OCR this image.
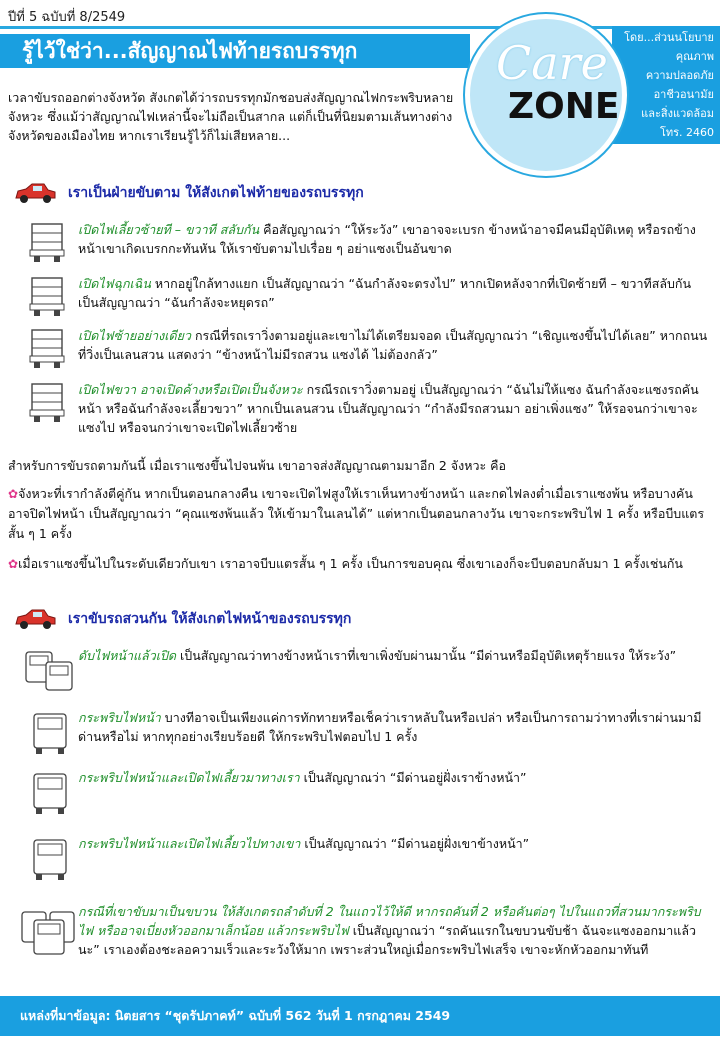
ปีที่ 5 ฉบับที่ 8/2549
รู้ไว้ใช่ว่า...สัญญาณไฟท้ายรถบรรทุก
โดย...ส่วนนโยบาย
คุณภาพ
ความปลอดภัย
อาชีวอนามัย
และสิ่งแวดล้อม
โทร. 2460
Care
ZONE
เวลาขับรถออกต่างจังหวัด สังเกตได้ว่ารถบรรทุกมักชอบส่งสัญญาณไฟกระพริบหลายจังหวะ ซึ่งแม้ว่าสัญญาณไฟเหล่านี้จะไม่ถือเป็นสากล แต่ก็เป็นที่นิยมตามเส้นทางต่างจังหวัดของเมืองไทย หากเราเรียนรู้ไว้ก็ไม่เสียหลาย...
เราเป็นฝ่ายขับตาม ให้สังเกตไฟท้ายของรถบรรทุก
เปิดไฟเลี้ยวซ้ายที – ขวาที สลับกัน คือสัญญาณว่า “ให้ระวัง” เขาอาจจะเบรก ข้างหน้าอาจมีคนมีอุบัติเหตุ หรือรถข้างหน้าเขาเกิดเบรกกะทันหัน ให้เราขับตามไปเรื่อย ๆ อย่าแซงเป็นอันขาด
เปิดไฟฉุกเฉิน หากอยู่ใกล้ทางแยก เป็นสัญญาณว่า “ฉันกำลังจะตรงไป” หากเปิดหลังจากที่เปิดซ้ายที – ขวาทีสลับกัน เป็นสัญญาณว่า “ฉันกำลังจะหยุดรถ”
เปิดไฟซ้ายอย่างเดียว กรณีที่รถเราวิ่งตามอยู่และเขาไม่ได้เตรียมจอด เป็นสัญญาณว่า “เชิญแซงขึ้นไปได้เลย” หากถนนที่วิ่งเป็นเลนสวน แสดงว่า “ข้างหน้าไม่มีรถสวน แซงได้ ไม่ต้องกลัว”
เปิดไฟขวา อาจเปิดค้างหรือเปิดเป็นจังหวะ กรณีรถเราวิ่งตามอยู่ เป็นสัญญาณว่า “ฉันไม่ให้แซง ฉันกำลังจะแซงรถคันหน้า หรือฉันกำลังจะเลี้ยวขวา” หากเป็นเลนสวน เป็นสัญญาณว่า “กำลังมีรถสวนมา อย่าเพิ่งแซง” ให้รอจนกว่าเขาจะแซงไป หรือจนกว่าเขาจะเปิดไฟเลี้ยวซ้าย
สำหรับการขับรถตามกันนี้ เมื่อเราแซงขึ้นไปจนพ้น เขาอาจส่งสัญญาณตามมาอีก 2 จังหวะ คือ
✿จังหวะที่เรากำลังตีคู่กัน หากเป็นตอนกลางคืน เขาจะเปิดไฟสูงให้เราเห็นทางข้างหน้า และกดไฟลงต่ำเมื่อเราแซงพ้น หรือบางคันอาจปิดไฟหน้า เป็นสัญญาณว่า “คุณแซงพ้นแล้ว ให้เข้ามาในเลนได้” แต่หากเป็นตอนกลางวัน เขาจะกระพริบไฟ 1 ครั้ง หรือบีบแตรสั้น ๆ 1 ครั้ง
✿เมื่อเราแซงขึ้นไปในระดับเดียวกับเขา เราอาจบีบแตรสั้น ๆ 1 ครั้ง เป็นการขอบคุณ ซึ่งเขาเองก็จะบีบตอบกลับมา 1 ครั้งเช่นกัน
เราขับรถสวนกัน ให้สังเกตไฟหน้าของรถบรรทุก
ดับไฟหน้าแล้วเปิด เป็นสัญญาณว่าทางข้างหน้าเราที่เขาเพิ่งขับผ่านมานั้น “มีด่านหรือมีอุบัติเหตุร้ายแรง ให้ระวัง”
กระพริบไฟหน้า บางทีอาจเป็นเพียงแค่การทักทายหรือเช็คว่าเราหลับในหรือเปล่า หรือเป็นการถามว่าทางที่เราผ่านมามีด่านหรือไม่ หากทุกอย่างเรียบร้อยดี ให้กระพริบไฟตอบไป 1 ครั้ง
กระพริบไฟหน้าและเปิดไฟเลี้ยวมาทางเรา เป็นสัญญาณว่า “มีด่านอยู่ฝั่งเราข้างหน้า”
กระพริบไฟหน้าและเปิดไฟเลี้ยวไปทางเขา เป็นสัญญาณว่า “มีด่านอยู่ฝั่งเขาข้างหน้า”
กรณีที่เขาขับมาเป็นขบวน ให้สังเกตรถลำดับที่ 2 ในแถวไว้ให้ดี หากรถคันที่ 2 หรือคันต่อๆ ไปในแถวที่สวนมากระพริบไฟ หรืออาจเบี่ยงหัวออกมาเล็กน้อย แล้วกระพริบไฟ เป็นสัญญาณว่า “รถคันแรกในขบวนขับช้า ฉันจะแซงออกมาแล้วนะ” เราเองต้องชะลอความเร็วและระวังให้มาก เพราะส่วนใหญ่เมื่อกระพริบไฟเสร็จ เขาจะหักหัวออกมาทันที
แหล่งที่มาข้อมูล: นิตยสาร “ชุดรัปภาคท์” ฉบับที่ 562 วันที่ 1 กรกฎาคม 2549
